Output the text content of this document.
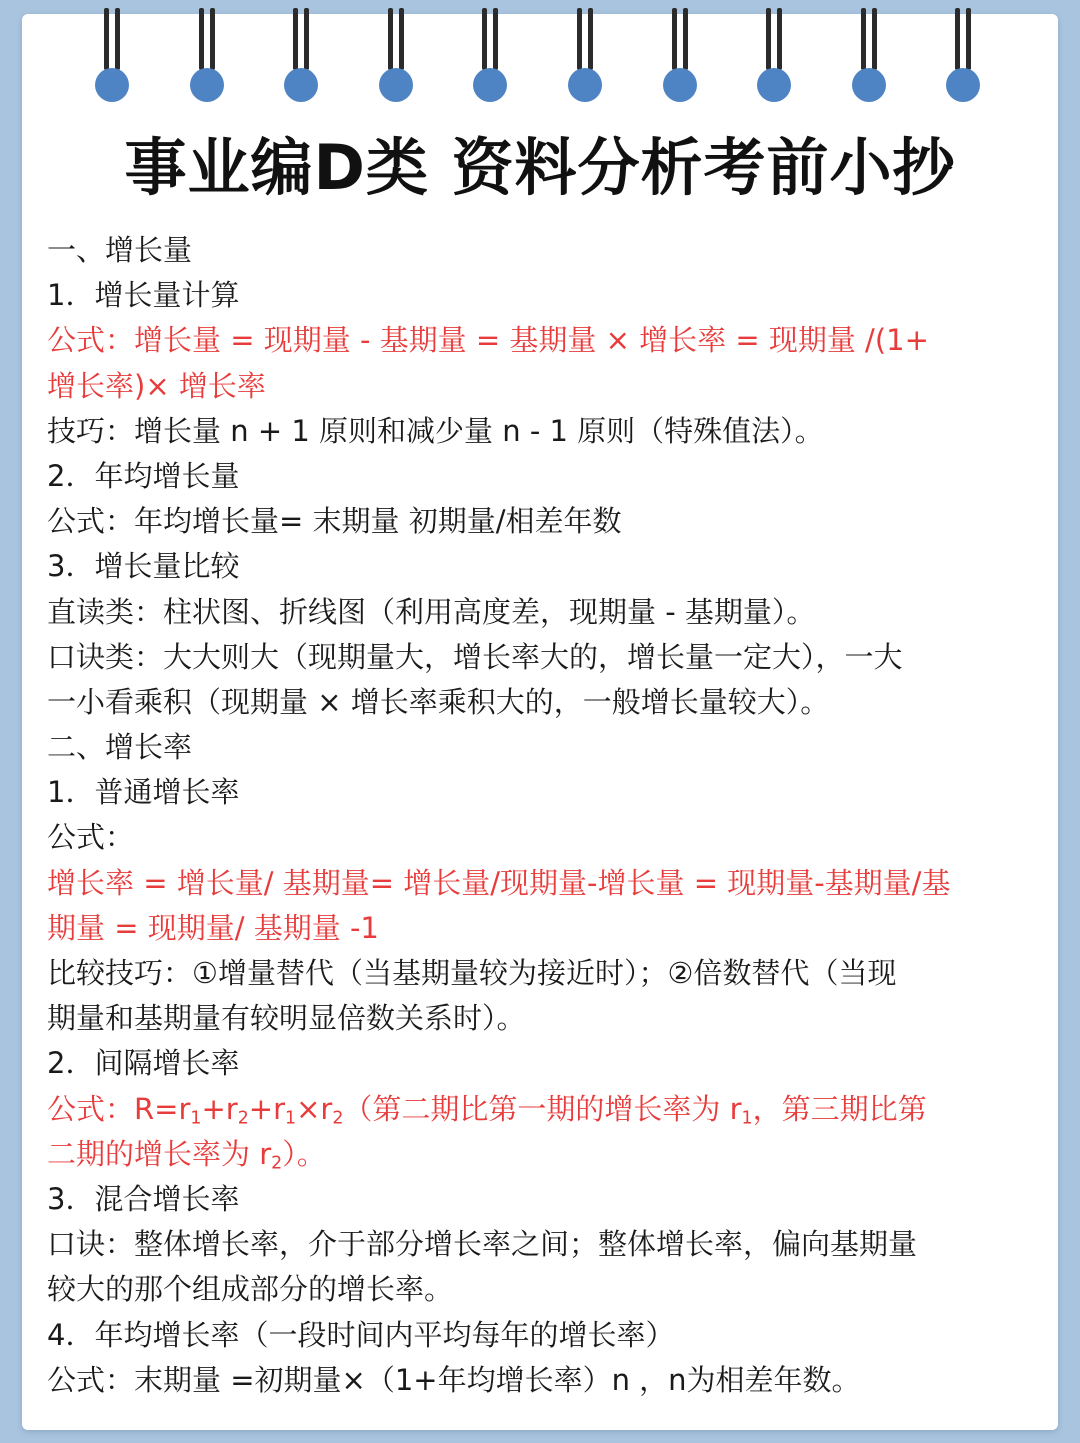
事业编D类 资料分析考前小抄
一、增长量
1．增长量计算
公式：增长量 = 现期量 - 基期量 = 基期量 × 增长率 = 现期量 /(1+
增长率)× 增长率
技巧：增长量 n + 1 原则和减少量 n - 1 原则（特殊值法）。
2．年均增长量
公式：年均增长量= 末期量 初期量/相差年数
3．增长量比较
直读类：柱状图、折线图（利用高度差，现期量 - 基期量）。
口诀类：大大则大（现期量大，增长率大的，增长量一定大），一大
一小看乘积（现期量 × 增长率乘积大的，一般增长量较大）。
二、增长率
1．普通增长率
公式：
增长率 = 增长量/ 基期量= 增长量/现期量-增长量 = 现期量-基期量/基
期量 = 现期量/ 基期量 -1
比较技巧：①增量替代（当基期量较为接近时）；②倍数替代（当现
期量和基期量有较明显倍数关系时）。
2．间隔增长率
公式：R=r1+r2+r1×r2（第二期比第一期的增长率为 r1，第三期比第
二期的增长率为 r2）。
3．混合增长率
口诀：整体增长率，介于部分增长率之间；整体增长率，偏向基期量
较大的那个组成部分的增长率。
4．年均增长率（一段时间内平均每年的增长率）
公式：末期量 =初期量×（1+年均增长率）n ，n为相差年数。
